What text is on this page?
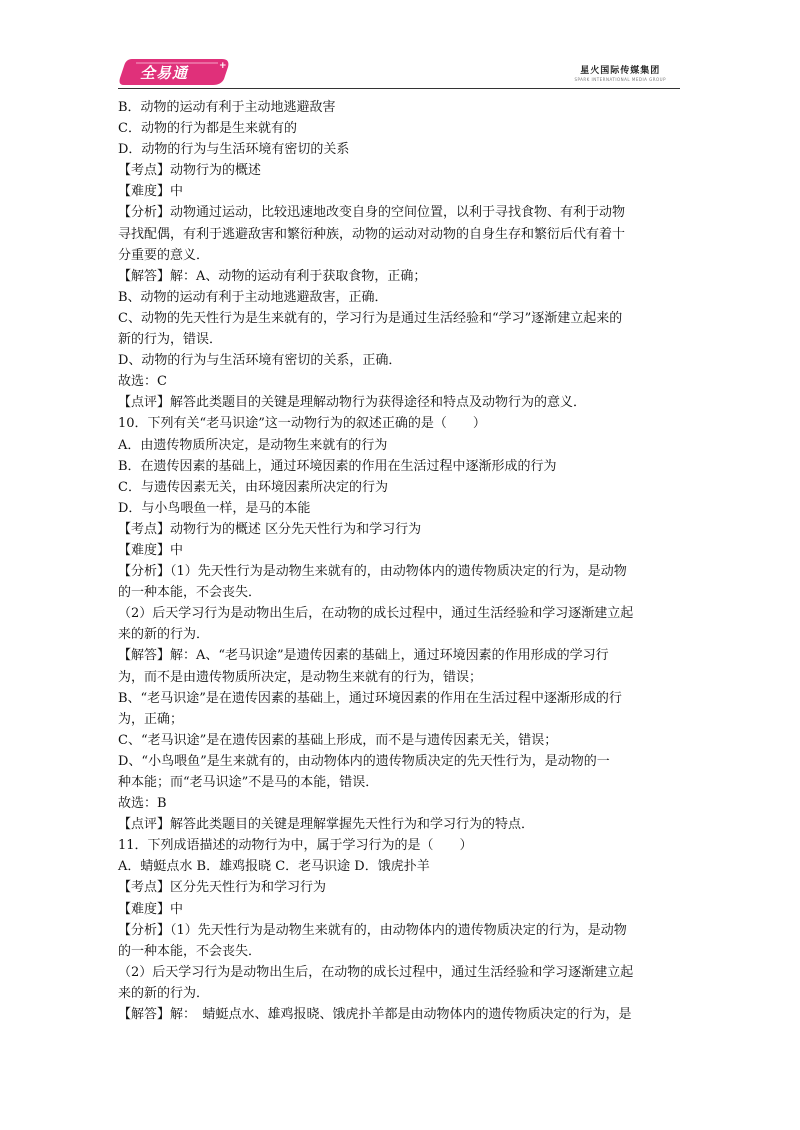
+
全易通	星火国际传媒集团
SPARK INTERNATIONAL MEDIA GROUP
B．动物的运动有利于主动地逃避敌害
C．动物的行为都是生来就有的
D．动物的行为与生活环境有密切的关系
【考点】动物行为的概述
【难度】中
【分析】动物通过运动，比较迅速地改变自身的空间位置，以利于寻找食物、有利于动物
寻找配偶，有利于逃避敌害和繁衍种族，动物的运动对动物的自身生存和繁衍后代有着十
分重要的意义．
【解答】解：A、动物的运动有利于获取食物，正确；
B、动物的运动有利于主动地逃避敌害，正确．
C、动物的先天性行为是生来就有的，学习行为是通过生活经验和“学习”逐渐建立起来的
新的行为，错误．
D、动物的行为与生活环境有密切的关系，正确．
故选：C
【点评】解答此类题目的关键是理解动物行为获得途径和特点及动物行为的意义．
10．下列有关“老马识途”这一动物行为的叙述正确的是（　　）
A．由遗传物质所决定，是动物生来就有的行为
B．在遗传因素的基础上，通过环境因素的作用在生活过程中逐渐形成的行为
C．与遗传因素无关，由环境因素所决定的行为
D．与小鸟喂鱼一样，是马的本能
【考点】动物行为的概述 区分先天性行为和学习行为
【难度】中
【分析】（1）先天性行为是动物生来就有的，由动物体内的遗传物质决定的行为，是动物
的一种本能，不会丧失．
（2）后天学习行为是动物出生后，在动物的成长过程中，通过生活经验和学习逐渐建立起
来的新的行为．
【解答】解：A、“老马识途”是遗传因素的基础上，通过环境因素的作用形成的学习行
为，而不是由遗传物质所决定，是动物生来就有的行为，错误；
B、“老马识途”是在遗传因素的基础上，通过环境因素的作用在生活过程中逐渐形成的行
为，正确；
C、“老马识途”是在遗传因素的基础上形成，而不是与遗传因素无关，错误；
D、“小鸟喂鱼”是生来就有的，由动物体内的遗传物质决定的先天性行为，是动物的一
种本能；而“老马识途”不是马的本能，错误．
故选：B
【点评】解答此类题目的关键是理解掌握先天性行为和学习行为的特点．
11．下列成语描述的动物行为中，属于学习行为的是（　　）
A．蜻蜓点水 B．雄鸡报晓 C．老马识途 D．饿虎扑羊
【考点】区分先天性行为和学习行为
【难度】中
【分析】（1）先天性行为是动物生来就有的，由动物体内的遗传物质决定的行为，是动物
的一种本能，不会丧失．
（2）后天学习行为是动物出生后，在动物的成长过程中，通过生活经验和学习逐渐建立起
来的新的行为．
【解答】解：　蜻蜓点水、雄鸡报晓、饿虎扑羊都是由动物体内的遗传物质决定的行为，是
